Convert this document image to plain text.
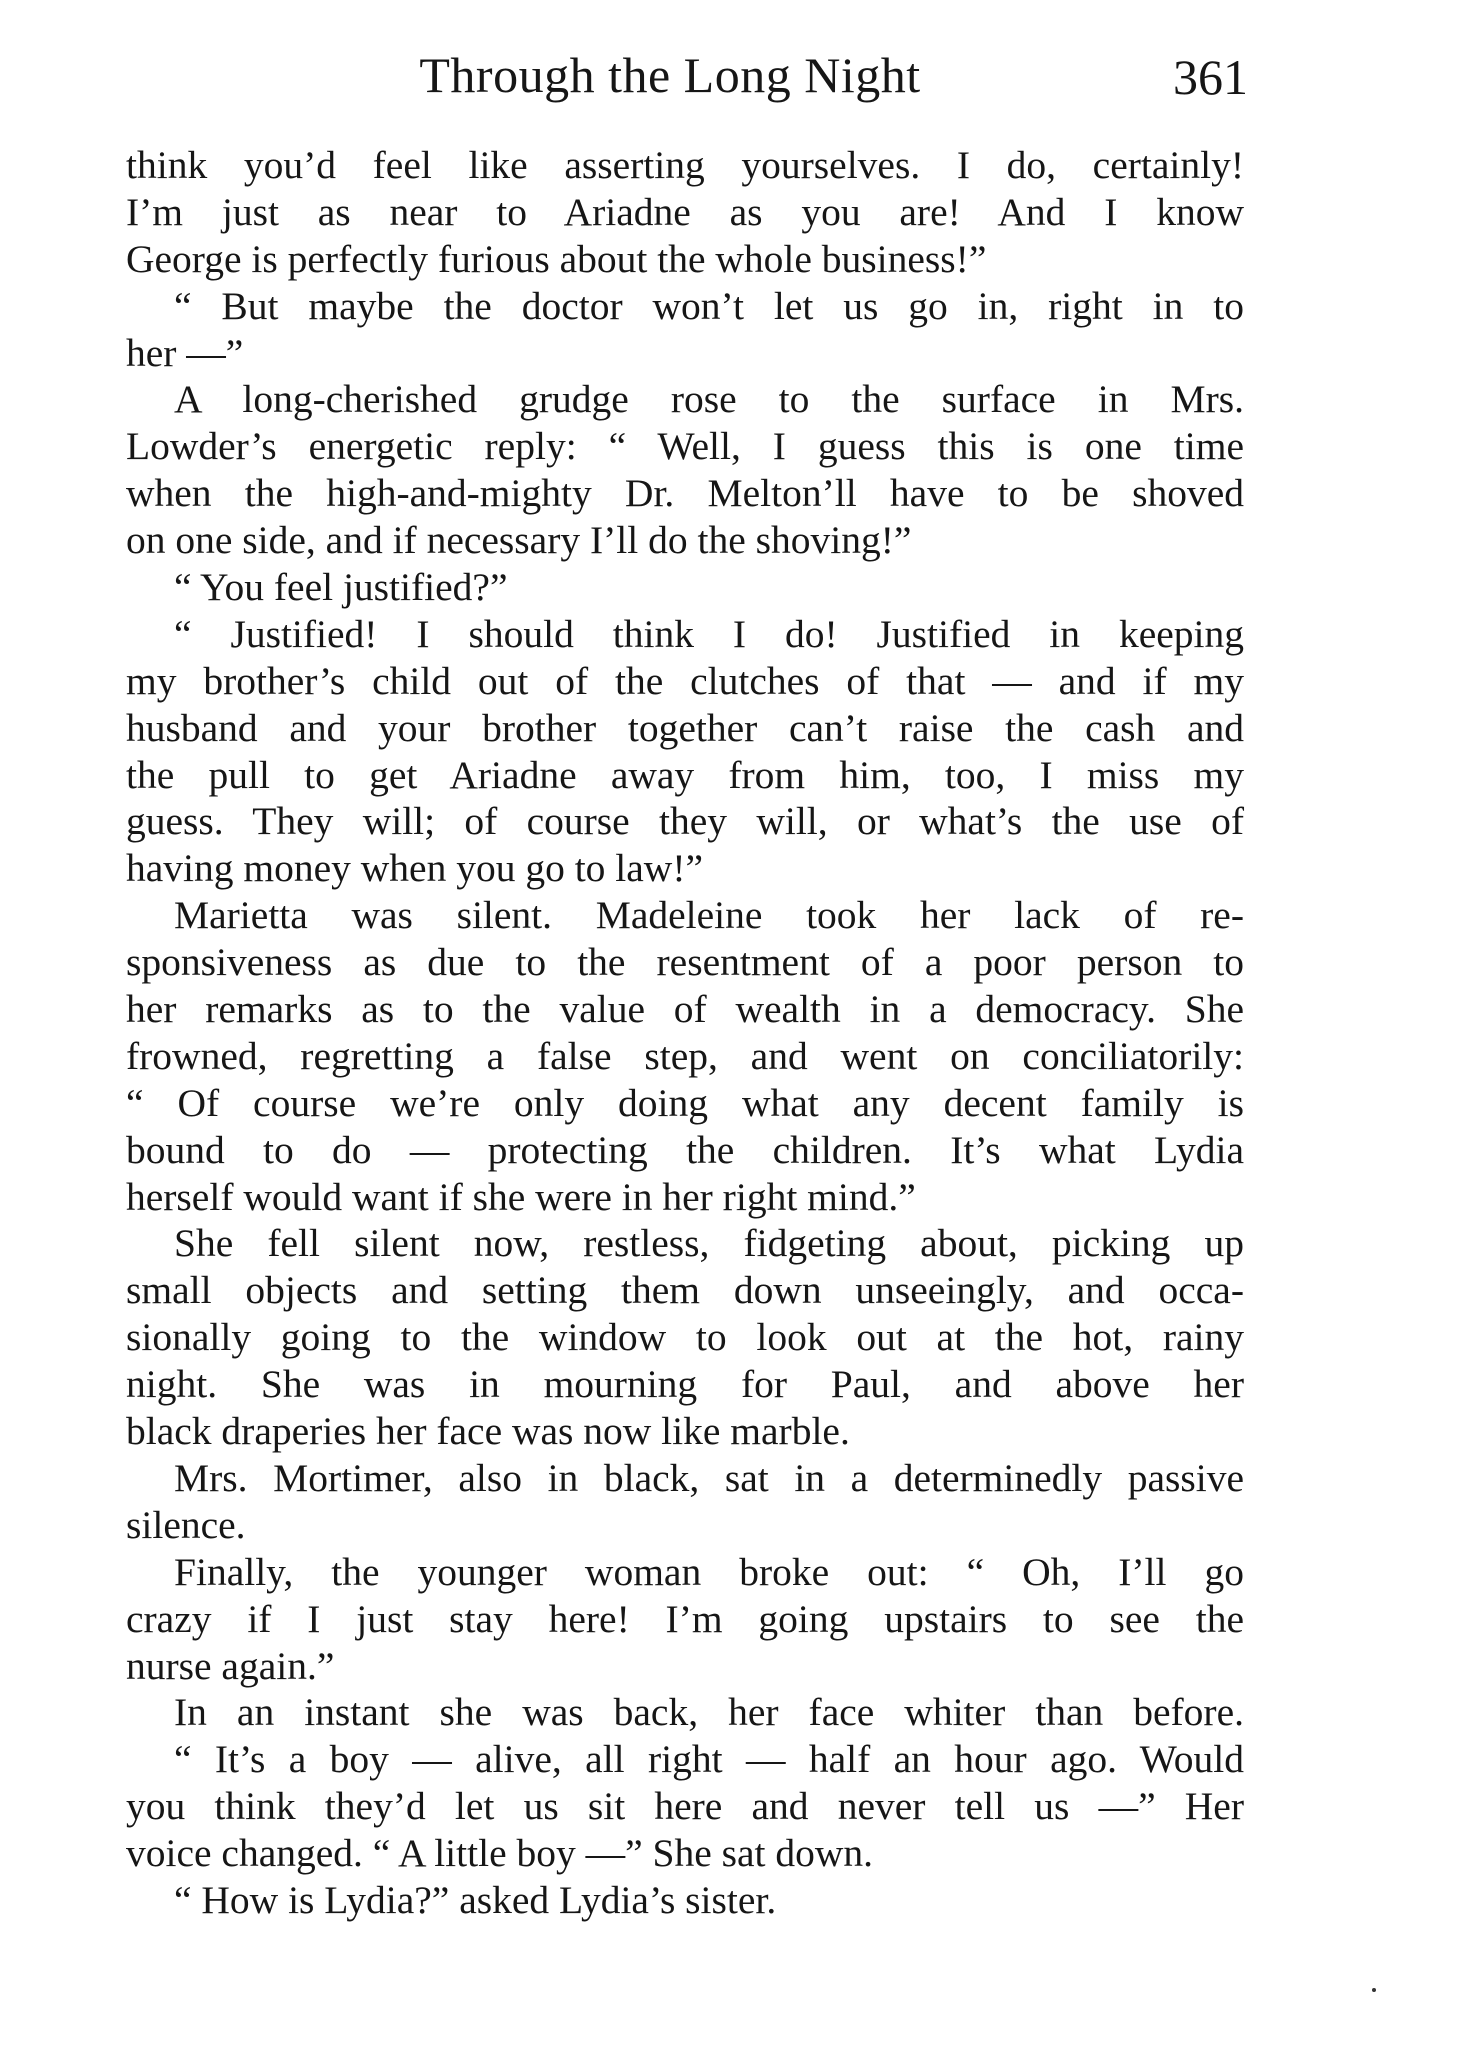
Through the Long Night	361
think you’d feel like asserting yourselves. I do, certainly!
I’m just as near to Ariadne as you are! And I know
George is perfectly furious about the whole business!”
“ But maybe the doctor won’t let us go in, right in to
her —”
A long-cherished grudge rose to the surface in Mrs.
Lowder’s energetic reply: “ Well, I guess this is one time
when the high-and-mighty Dr. Melton’ll have to be shoved
on one side, and if necessary I’ll do the shoving!”
“ You feel justified?”
“ Justified! I should think I do! Justified in keeping
my brother’s child out of the clutches of that — and if my
husband and your brother together can’t raise the cash and
the pull to get Ariadne away from him, too, I miss my
guess. They will; of course they will, or what’s the use of
having money when you go to law!”
Marietta was silent. Madeleine took her lack of re-
sponsiveness as due to the resentment of a poor person to
her remarks as to the value of wealth in a democracy. She
frowned, regretting a false step, and went on conciliatorily:
“ Of course we’re only doing what any decent family is
bound to do — protecting the children. It’s what Lydia
herself would want if she were in her right mind.”
She fell silent now, restless, fidgeting about, picking up
small objects and setting them down unseeingly, and occa-
sionally going to the window to look out at the hot, rainy
night. She was in mourning for Paul, and above her
black draperies her face was now like marble.
Mrs. Mortimer, also in black, sat in a determinedly passive
silence.
Finally, the younger woman broke out: “ Oh, I’ll go
crazy if I just stay here! I’m going upstairs to see the
nurse again.”
In an instant she was back, her face whiter than before.
“ It’s a boy — alive, all right — half an hour ago. Would
you think they’d let us sit here and never tell us —” Her
voice changed. “ A little boy —” She sat down.
“ How is Lydia?” asked Lydia’s sister.
